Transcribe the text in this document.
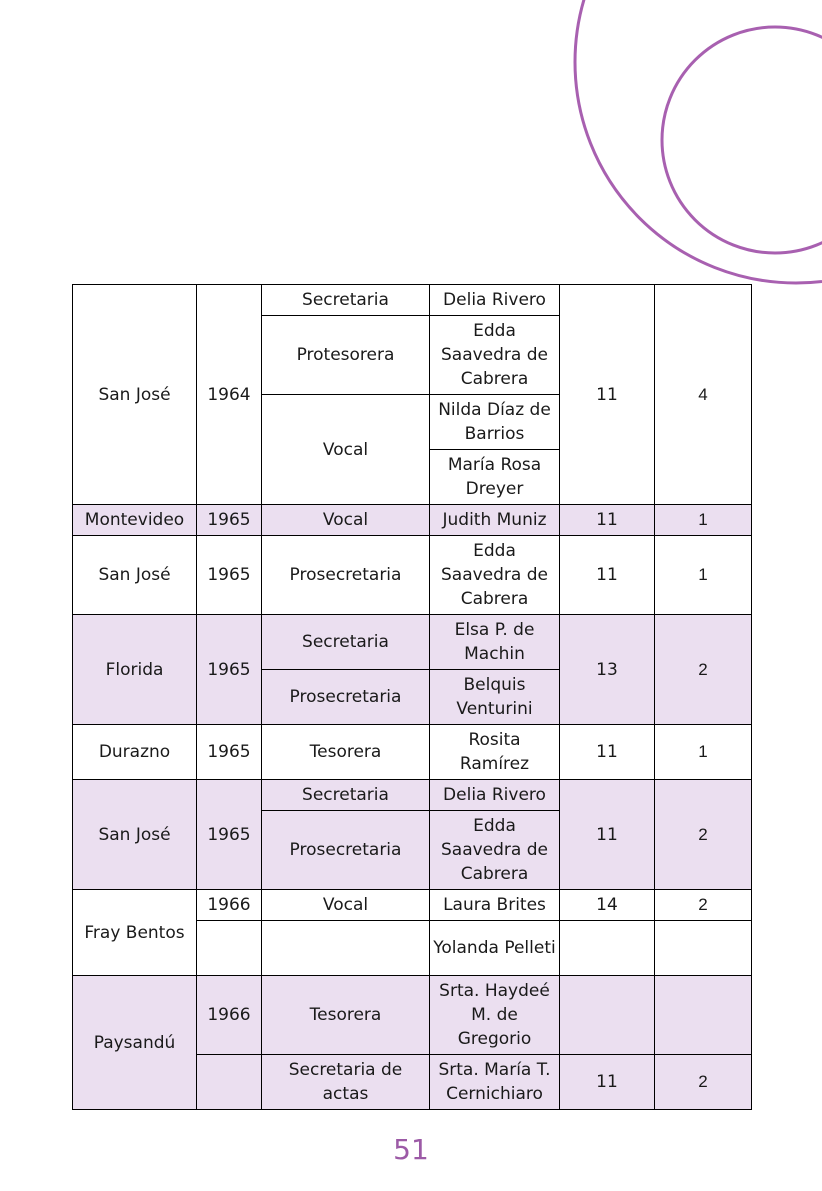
San José	1964	Secretaria	Delia Rivero	11	4
		Protesorera	Edda Saavedra de Cabrera		
		Vocal	Nilda Díaz de Barrios		
			María Rosa Dreyer		
Montevideo	1965	Vocal	Judith Muniz	11	1
San José	1965	Prosecretaria	Edda Saavedra de Cabrera	11	1
Florida	1965	Secretaria	Elsa P. de Machin	13	2
		Prosecretaria	Belquis Venturini		
Durazno	1965	Tesorera	Rosita Ramírez	11	1
San José	1965	Secretaria	Delia Rivero	11	2
		Prosecretaria	Edda Saavedra de Cabrera		
Fray Bentos	1966	Vocal	Laura Brites	14	2
			Yolanda Pelleti		
Paysandú	1966	Tesorera	Srta. Haydeé M. de Gregorio		
		Secretaria de actas	Srta. María T. Cernichiaro	11	2
51
